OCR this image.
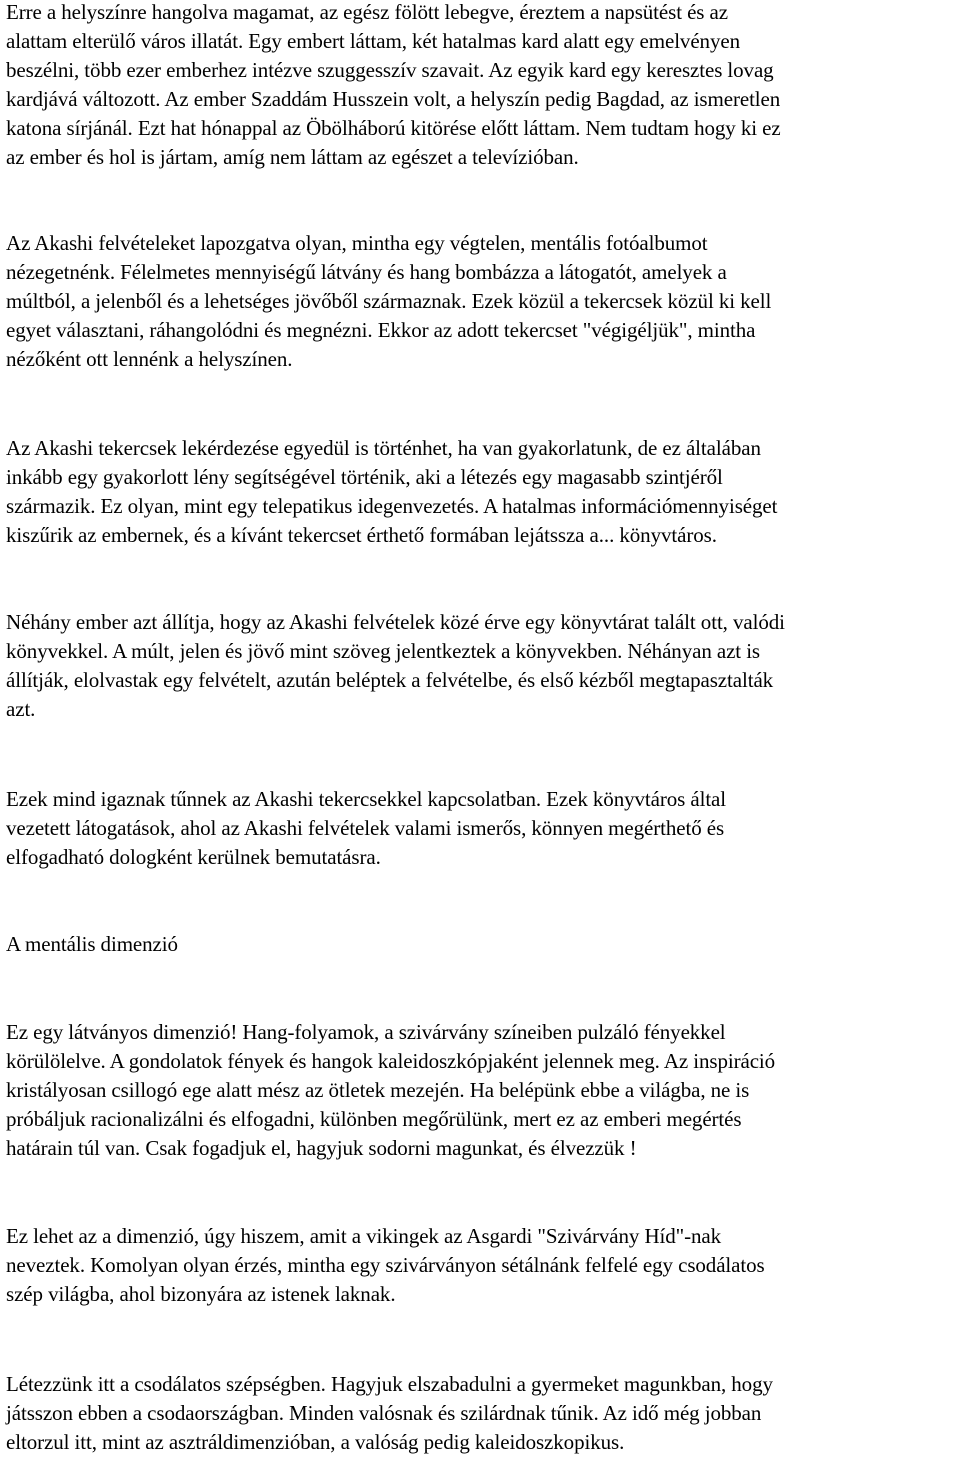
Erre a helyszínre hangolva magamat, az egész fölött lebegve, éreztem a napsütést és az
alattam elterülő város illatát. Egy embert láttam, két hatalmas kard alatt egy emelvényen
beszélni, több ezer emberhez intézve szuggesszív szavait. Az egyik kard egy keresztes lovag
kardjává változott. Az ember Szaddám Husszein volt, a helyszín pedig Bagdad, az ismeretlen
katona sírjánál. Ezt hat hónappal az Öbölháború kitörése előtt láttam. Nem tudtam hogy ki ez
az ember és hol is jártam, amíg nem láttam az egészet a televízióban.

Az Akashi felvételeket lapozgatva olyan, mintha egy végtelen, mentális fotóalbumot
nézegetnénk. Félelmetes mennyiségű látvány és hang bombázza a látogatót, amelyek a
múltból, a jelenből és a lehetséges jövőből származnak. Ezek közül a tekercsek közül ki kell
egyet választani, ráhangolódni és megnézni. Ekkor az adott tekercset "végigéljük", mintha
nézőként ott lennénk a helyszínen.

Az Akashi tekercsek lekérdezése egyedül is történhet, ha van gyakorlatunk, de ez általában
inkább egy gyakorlott lény segítségével történik, aki a létezés egy magasabb szintjéről
származik. Ez olyan, mint egy telepatikus idegenvezetés. A hatalmas információmennyiséget
kiszűrik az embernek, és a kívánt tekercset érthető formában lejátssza a... könyvtáros.

Néhány ember azt állítja, hogy az Akashi felvételek közé érve egy könyvtárat talált ott, valódi
könyvekkel. A múlt, jelen és jövő mint szöveg jelentkeztek a könyvekben. Néhányan azt is
állítják, elolvastak egy felvételt, azután beléptek a felvételbe, és első kézből megtapasztalták
azt.

Ezek mind igaznak tűnnek az Akashi tekercsekkel kapcsolatban. Ezek könyvtáros által
vezetett látogatások, ahol az Akashi felvételek valami ismerős, könnyen megérthető és
elfogadható dologként kerülnek bemutatásra.

A mentális dimenzió

Ez egy látványos dimenzió! Hang-folyamok, a szivárvány színeiben pulzáló fényekkel
körülölelve. A gondolatok fények és hangok kaleidoszkópjaként jelennek meg. Az inspiráció
kristályosan csillogó ege alatt mész az ötletek mezején. Ha belépünk ebbe a világba, ne is
próbáljuk racionalizálni és elfogadni, különben megőrülünk, mert ez az emberi megértés
határain túl van. Csak fogadjuk el, hagyjuk sodorni magunkat, és élvezzük !

Ez lehet az a dimenzió, úgy hiszem, amit a vikingek az Asgardi "Szivárvány Híd"-nak
neveztek. Komolyan olyan érzés, mintha egy szivárványon sétálnánk felfelé egy csodálatos
szép világba, ahol bizonyára az istenek laknak.

Létezzünk itt a csodálatos szépségben. Hagyjuk elszabadulni a gyermeket magunkban, hogy
játsszon ebben a csodaországban. Minden valósnak és szilárdnak tűnik. Az idő még jobban
eltorzul itt, mint az asztráldimenzióban, a valóság pedig kaleidoszkopikus.
